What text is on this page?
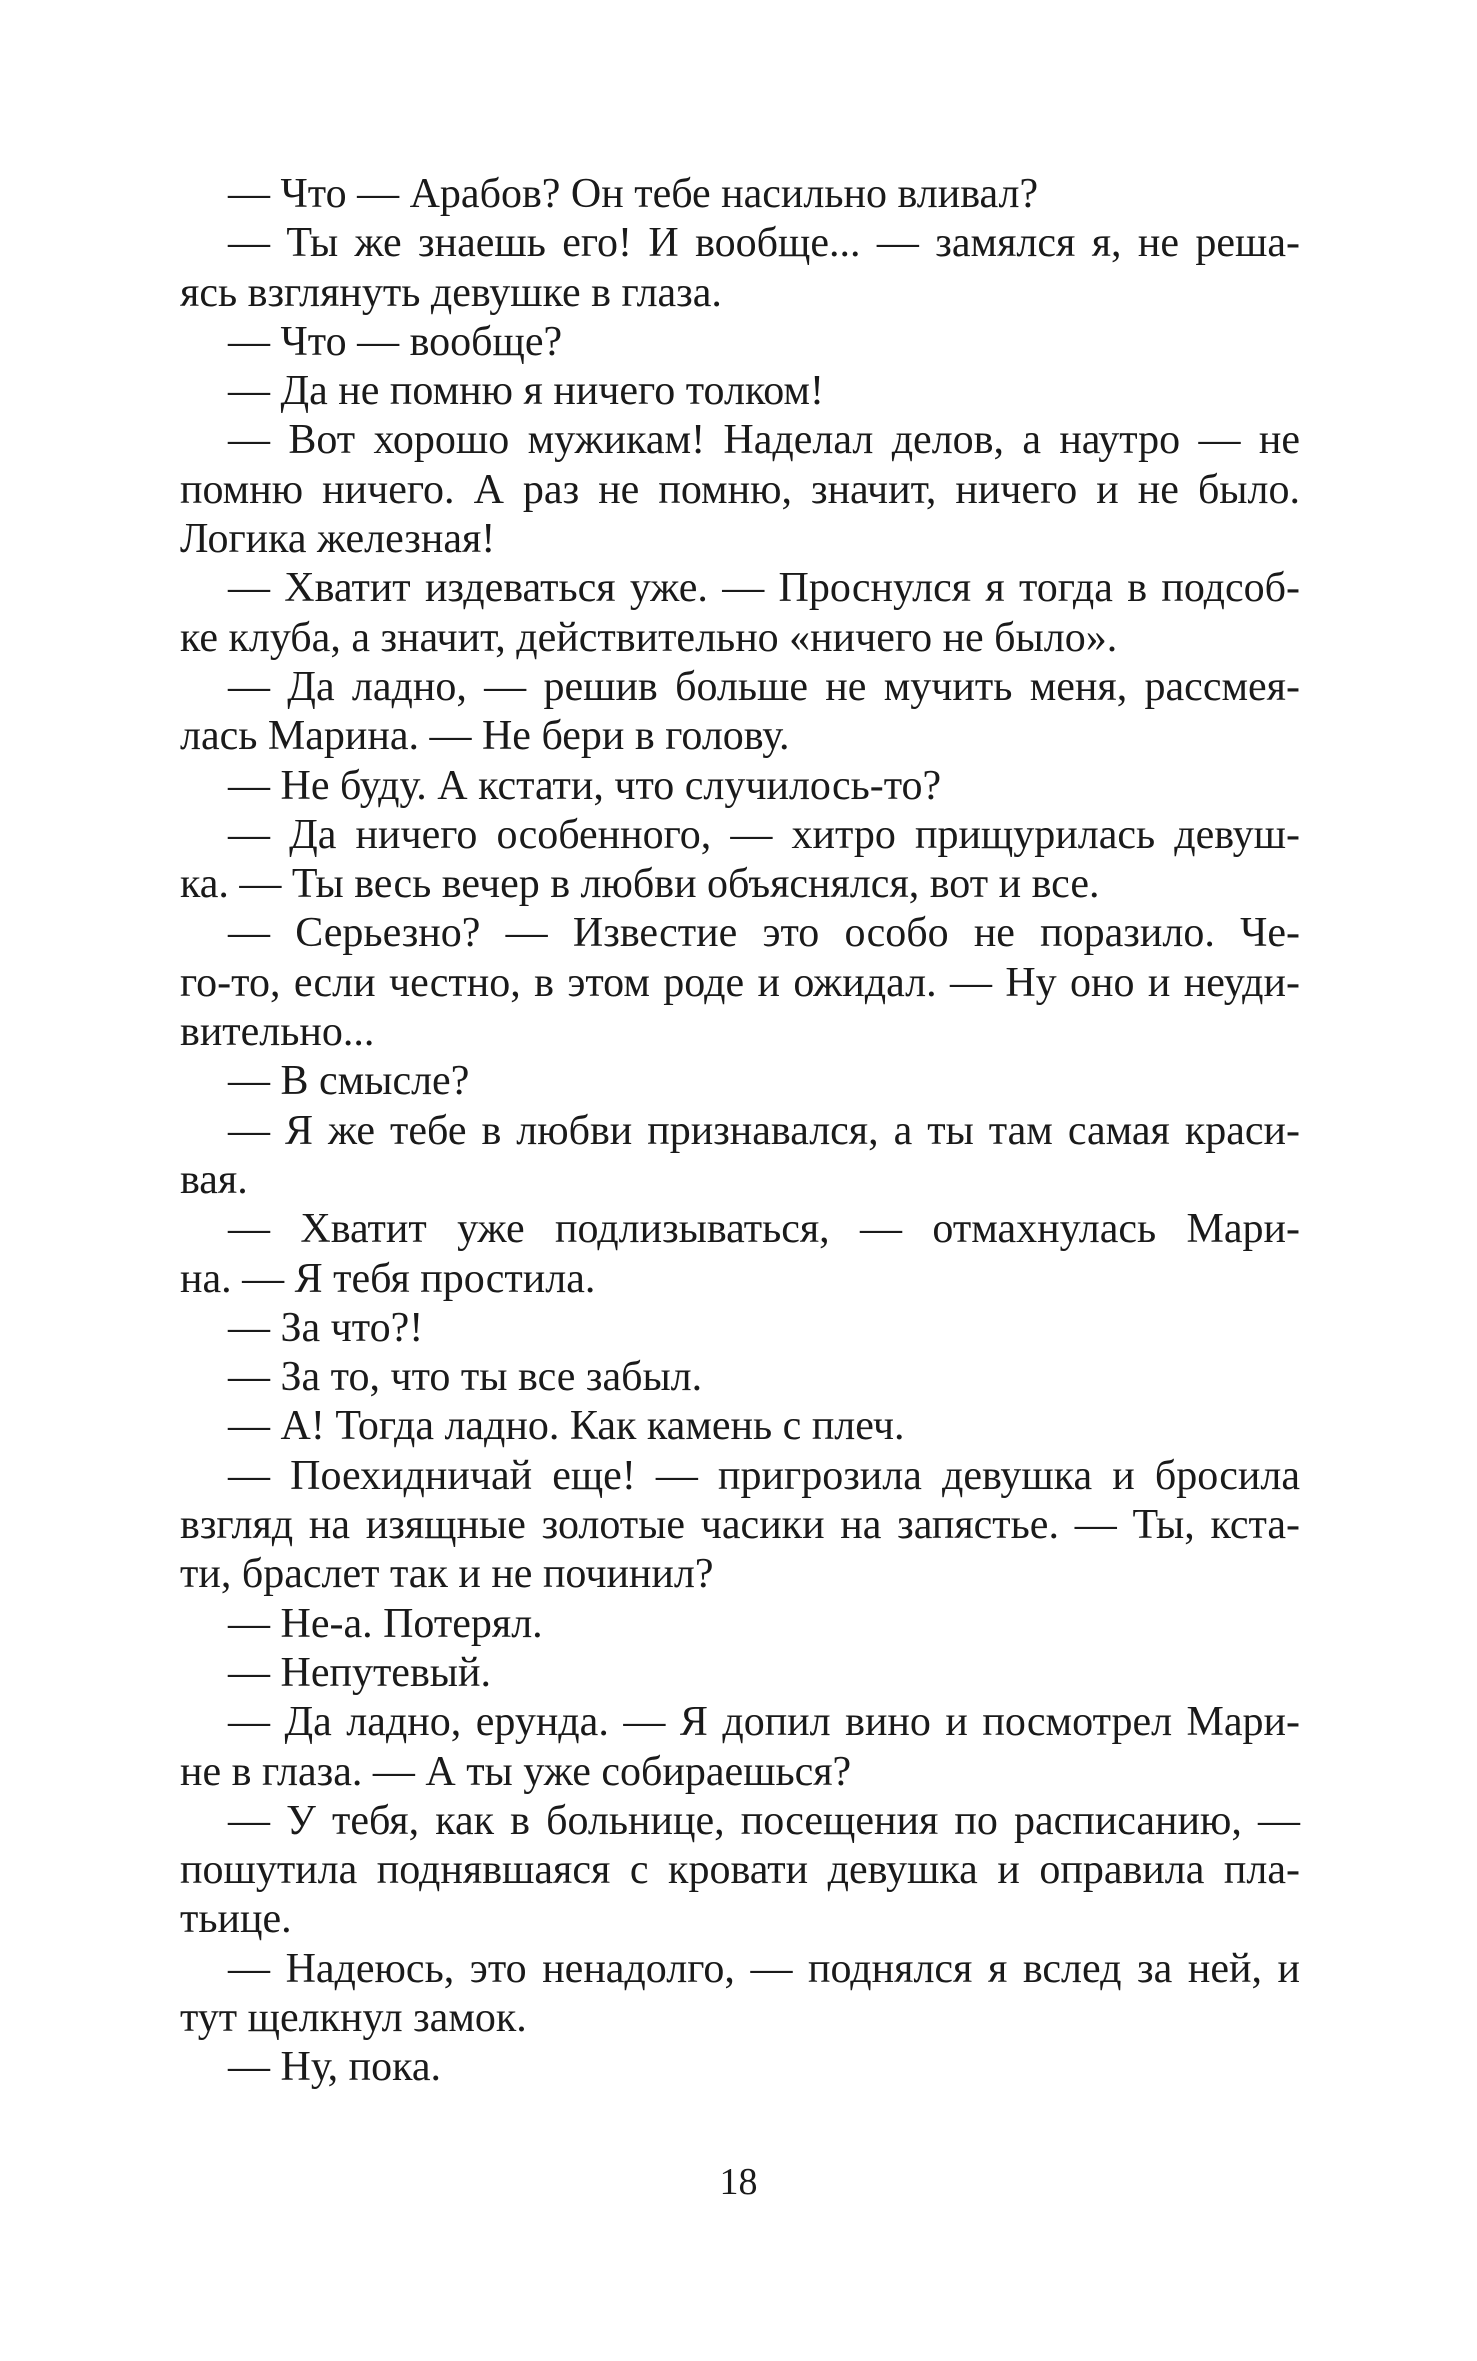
— Что — Арабов? Он тебе насильно вливал?
— Ты же знаешь его! И вообще... — замялся я, не реша-
ясь взглянуть девушке в глаза.
— Что — вообще?
— Да не помню я ничего толком!
— Вот хорошо мужикам! Наделал делов, а наутро — не
помню ничего. А раз не помню, значит, ничего и не было.
Логика железная!
— Хватит издеваться уже. — Проснулся я тогда в подсоб-
ке клуба, а значит, действительно «ничего не было».
— Да ладно, — решив больше не мучить меня, рассмея-
лась Марина. — Не бери в голову.
— Не буду. А кстати, что случилось-то?
— Да ничего особенного, — хитро прищурилась девуш-
ка. — Ты весь вечер в любви объяснялся, вот и все.
— Серьезно? — Известие это особо не поразило. Че-
го-то, если честно, в этом роде и ожидал. — Ну оно и неуди-
вительно...
— В смысле?
— Я же тебе в любви признавался, а ты там самая краси-
вая.
— Хватит уже подлизываться, — отмахнулась Мари-
на. — Я тебя простила.
— За что?!
— За то, что ты все забыл.
— А! Тогда ладно. Как камень с плеч.
— Поехидничай еще! — пригрозила девушка и бросила
взгляд на изящные золотые часики на запястье. — Ты, кста-
ти, браслет так и не починил?
— Не-а. Потерял.
— Непутевый.
— Да ладно, ерунда. — Я допил вино и посмотрел Мари-
не в глаза. — А ты уже собираешься?
— У тебя, как в больнице, посещения по расписанию, —
пошутила поднявшаяся с кровати девушка и оправила пла-
тьице.
— Надеюсь, это ненадолго, — поднялся я вслед за ней, и
тут щелкнул замок.
— Ну, пока.
18
